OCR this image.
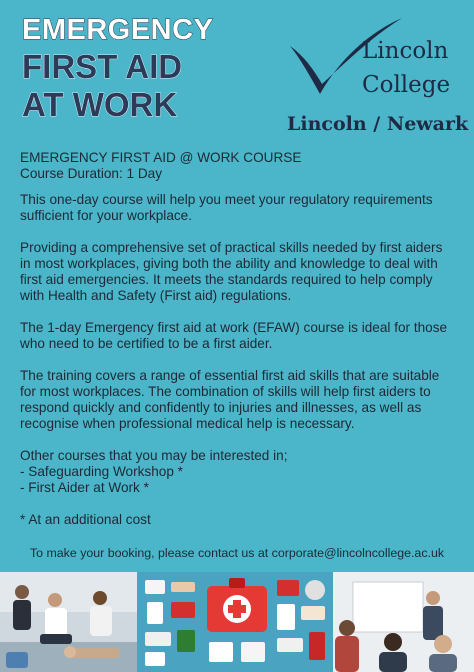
EMERGENCY
FIRST AID
AT WORK
Lincoln
College
Lincoln / Newark

EMERGENCY FIRST AID @ WORK COURSE
Course Duration: 1 Day

This one-day course will help you meet your regulatory requirements sufficient for your workplace.

Providing a comprehensive set of practical skills needed by first aiders in most workplaces, giving both the ability and knowledge to deal with first aid emergencies. It meets the standards required to help comply with Health and Safety (First aid) regulations.

The 1-day Emergency first aid at work (EFAW) course is ideal for those who need to be certified to be a first aider.

The training covers a range of essential first aid skills that are suitable for most workplaces. The combination of skills will help first aiders to respond quickly and confidently to injuries and illnesses, as well as recognise when professional medical help is necessary.

Other courses that you may be interested in;
- Safeguarding Workshop *
- First Aider at Work *

* At an additional cost

To make your booking, please contact us at corporate@lincolncollege.ac.uk
